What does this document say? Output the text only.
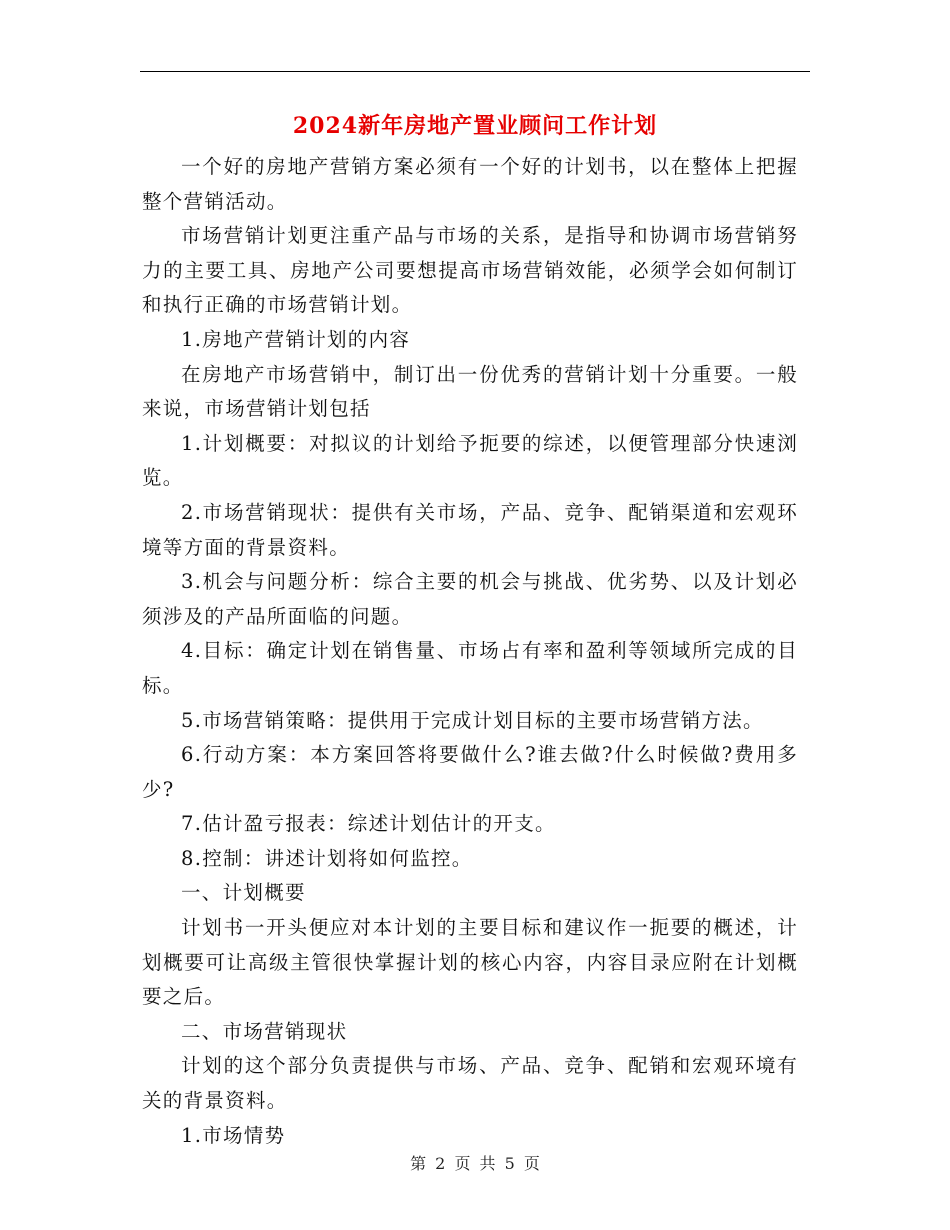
2024新年房地产置业顾问工作计划

一个好的房地产营销方案必须有一个好的计划书，以在整体上把握整个营销活动。

市场营销计划更注重产品与市场的关系，是指导和协调市场营销努力的主要工具、房地产公司要想提高市场营销效能，必须学会如何制订和执行正确的市场营销计划。

1.房地产营销计划的内容

在房地产市场营销中，制订出一份优秀的营销计划十分重要。一般来说，市场营销计划包括

1.计划概要：对拟议的计划给予扼要的综述，以便管理部分快速浏览。

2.市场营销现状：提供有关市场，产品、竞争、配销渠道和宏观环境等方面的背景资料。

3.机会与问题分析：综合主要的机会与挑战、优劣势、以及计划必须涉及的产品所面临的问题。

4.目标：确定计划在销售量、市场占有率和盈利等领域所完成的目标。

5.市场营销策略：提供用于完成计划目标的主要市场营销方法。

6.行动方案：本方案回答将要做什么?谁去做?什么时候做?费用多少?

7.估计盈亏报表：综述计划估计的开支。

8.控制：讲述计划将如何监控。

一、计划概要

计划书一开头便应对本计划的主要目标和建议作一扼要的概述，计划概要可让高级主管很快掌握计划的核心内容，内容目录应附在计划概要之后。

二、市场营销现状

计划的这个部分负责提供与市场、产品、竞争、配销和宏观环境有关的背景资料。

1.市场情势

第 2 页 共 5 页
